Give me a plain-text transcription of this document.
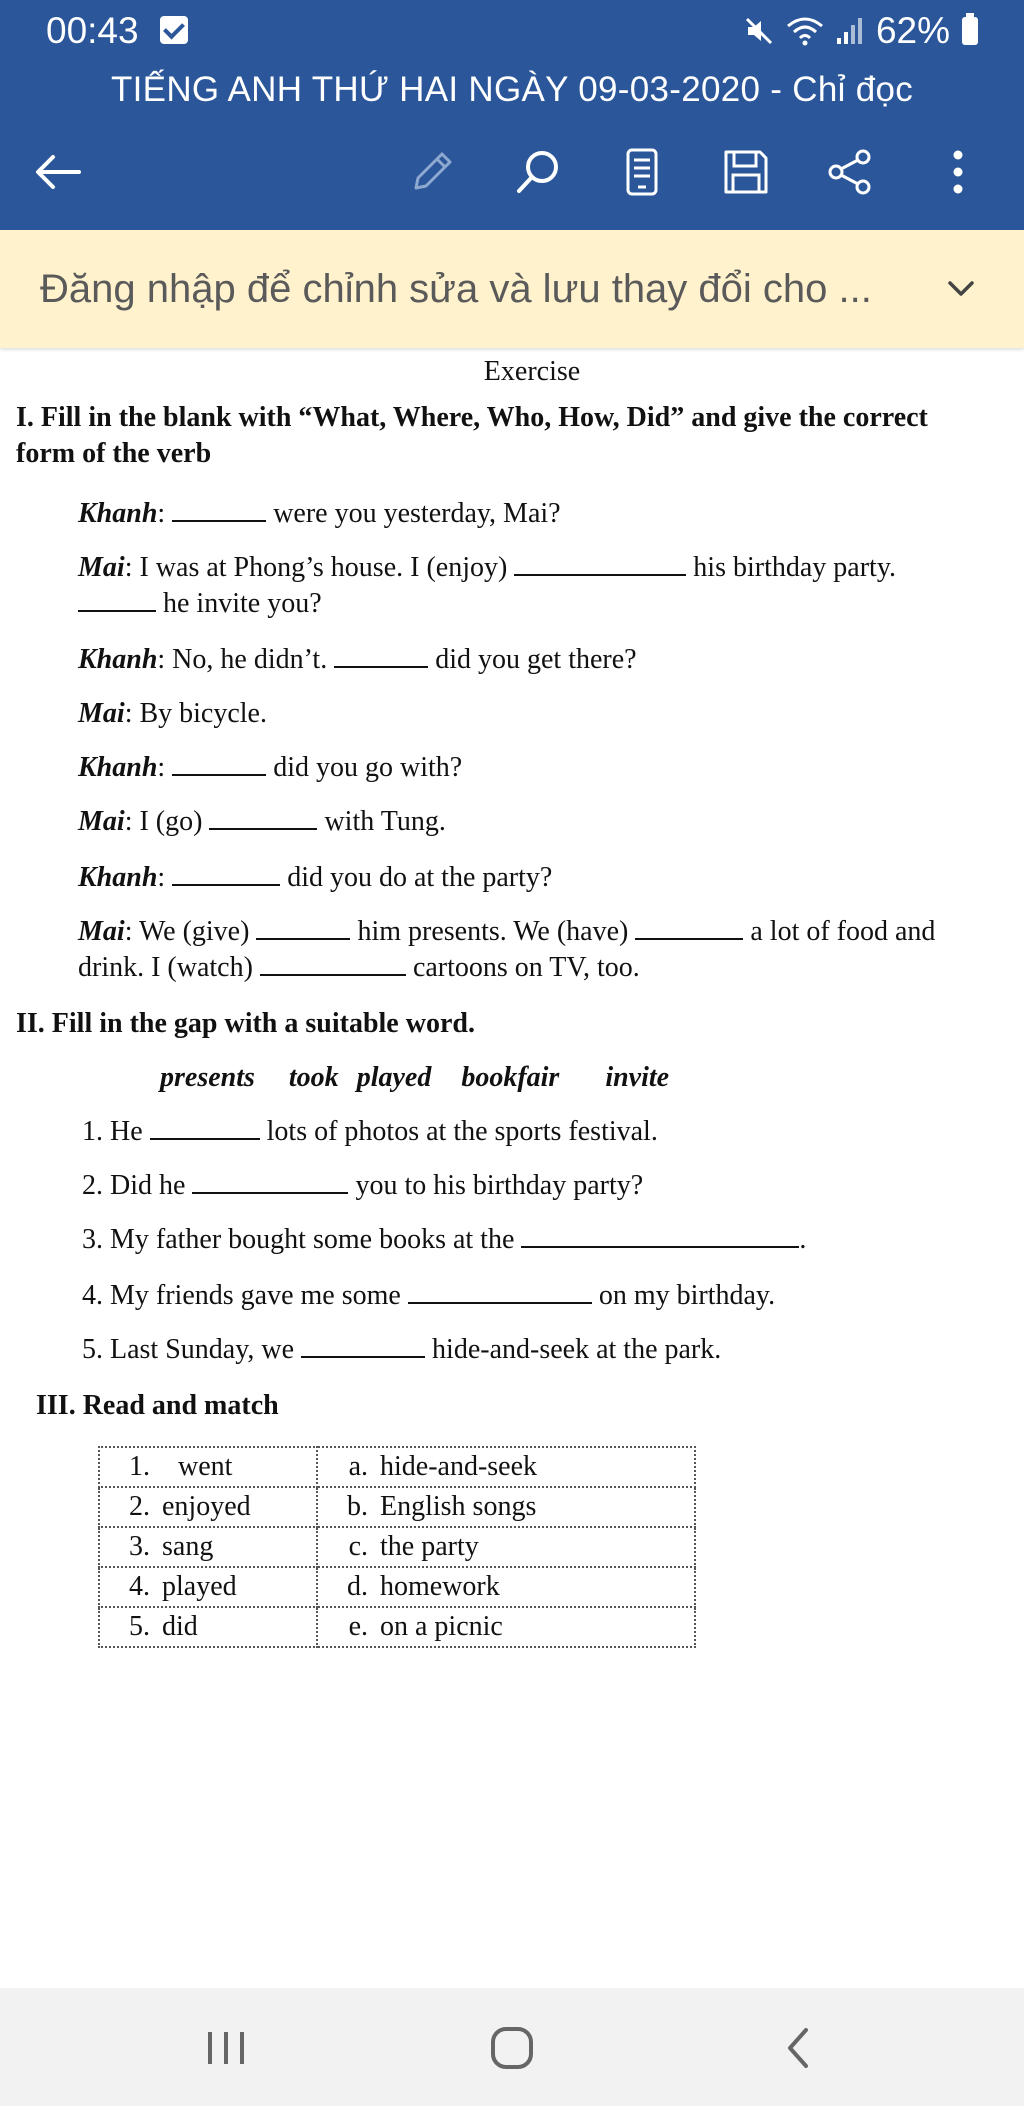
00:43	62%
TIẾNG ANH THỨ HAI NGÀY 09-03-2020 - Chỉ đọc
Đăng nhập để chỉnh sửa và lưu thay đổi cho ...

Exercise

I. Fill in the blank with “What, Where, Who, How, Did” and give the correct

form of the verb

Khanh:	were you yesterday, Mai?

Mai: I was at Phong’s house. I (enjoy)	his birthday party.

he invite you?

Khanh: No, he didn’t.	did you get there?

Mai: By bicycle.

Khanh:	did you go with?

Mai: I (go)	with Tung.

Khanh:	did you do at the party?

Mai: We (give)	him presents. We (have)	a lot of food and

drink. I (watch)	cartoons on TV, too.

II. Fill in the gap with a suitable word.

presents took played bookfair invite

1. He	lots of photos at the sports festival.

2. Did he	you to his birthday party?

3. My father bought some books at the	.

4. My friends gave me some	on my birthday.

5. Last Sunday, we	hide-and-seek at the park.

III. Read and match

1. went	a. hide-and-seek
2. enjoyed	b. English songs
3. sang	c. the party
4. played	d. homework
5. did	e. on a picnic
